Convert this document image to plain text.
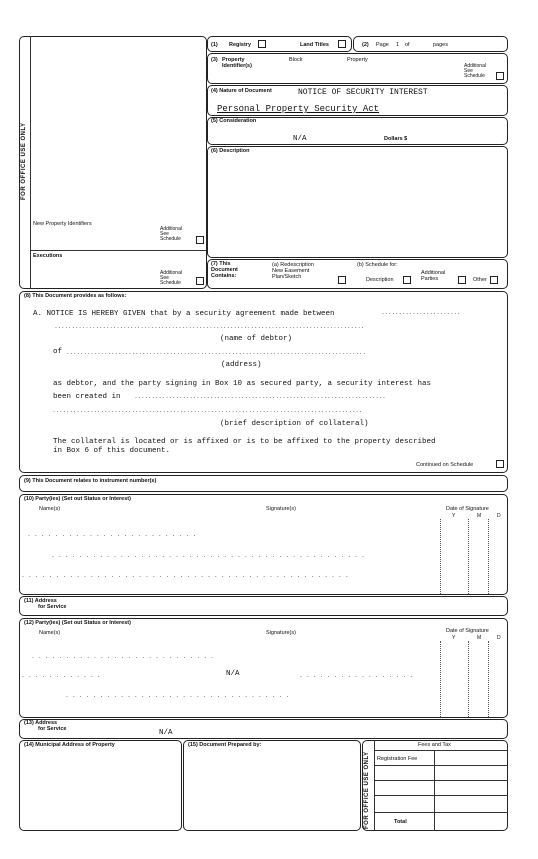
FOR OFFICE USE ONLY
New Property Identifiers
Additional
See
Schedule
Executions
Additional
See
Schedule
(1) Registry	Land Titles	(2) Page 1 of	pages
(3) Property
Identifier(s)
Block	Property
Additional
See
Schedule
(4) Nature of Document	NOTICE OF SECURITY INTEREST
Personal Property Security Act
(5) Consideration
N/A	Dollars $
(6) Description
(7) This
Document
Contains:
(a) Redescription
New Easement
Plan/Sketch
(b) Schedule for:
Description
Additional
Parties	Other
(8) This Document provides as follows:
A. NOTICE IS HEREBY GIVEN that by a security agreement made between	.......................
..........................................................................................
(name of debtor)
of .......................................................................................
(address)
as debtor, and the party signing in Box 10 as secured party, a security interest has
been created in .........................................................................
..........................................................................................
(brief description of collateral)
The collateral is located or is affixed or is to be affixed to the property described
in Box 6 of this document.
Continued on Schedule
(9) This Document relates to instrument number(s)
(10) Party(ies) (Set out Status or Interest)
Name(s)	Signature(s)	Date of Signature
Y	M	D
. . . . . . . . . . . . . . . . . . . . . . . . .
. . . . . . . . . . . . . . . . . . . . . . . . . . . . . . . . . . . . . . . . . . . . . .
. . . . . . . . . . . . . . . . . . . . . . . . . . . . . . . . . . . . . . . . . . . . . . . .
(11) Address
for Service
(12) Party(ies) (Set out Status or Interest)
Name(s)	Signature(s)	Date of Signature
Y	M	D
. . . . . . . . . . . . . . . . . . . . . . . . . . .
N/A
. . . . . . . . . . . .	. . . . . . . . . . . . . . . . .
. . . . . . . . . . . . . . . . . . . . . . . . . . . . . . . . .
(13) Address
for Service	N/A
(14) Municipal Address of Property	(15) Document Prepared by:
FOR OFFICE USE ONLY
Fees and Tax
Registration Fee
Total
